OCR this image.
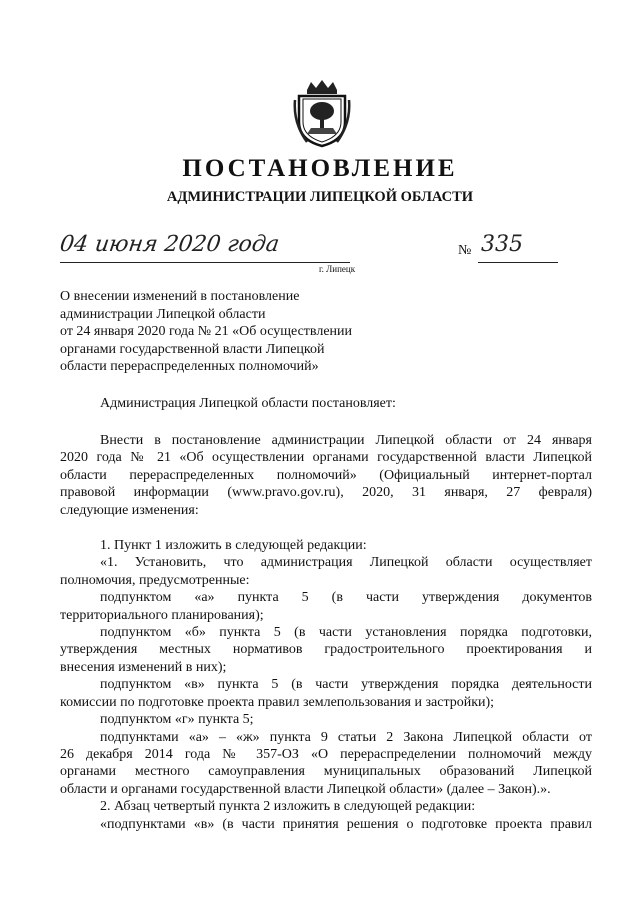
ПОСТАНОВЛЕНИЕ
АДМИНИСТРАЦИИ ЛИПЕЦКОЙ ОБЛАСТИ
04 июня 2020 года
г. Липецк
№ 335
О внесении изменений в постановление
администрации Липецкой области
от 24 января 2020 года № 21 «Об осуществлении
органами государственной власти Липецкой
области перераспределенных полномочий»
Администрация Липецкой области постановляет:
Внести в постановление администрации Липецкой области от 24 января
2020 года № 21 «Об осуществлении органами государственной власти Липецкой
области перераспределенных полномочий» (Официальный интернет-портал
правовой информации (www.pravo.gov.ru), 2020, 31 января, 27 февраля)
следующие изменения:
1. Пункт 1 изложить в следующей редакции:
«1. Установить, что администрация Липецкой области осуществляет
полномочия, предусмотренные:
подпунктом «а» пункта 5 (в части утверждения документов
территориального планирования);
подпунктом «б» пункта 5 (в части установления порядка подготовки,
утверждения местных нормативов градостроительного проектирования и
внесения изменений в них);
подпунктом «в» пункта 5 (в части утверждения порядка деятельности
комиссии по подготовке проекта правил землепользования и застройки);
подпунктом «г» пункта 5;
подпунктами «а» – «ж» пункта 9 статьи 2 Закона Липецкой области от
26 декабря 2014 года № 357-ОЗ «О перераспределении полномочий между
органами местного самоуправления муниципальных образований Липецкой
области и органами государственной власти Липецкой области» (далее – Закон).».
2. Абзац четвертый пункта 2 изложить в следующей редакции:
«подпунктами «в» (в части принятия решения о подготовке проекта правил
